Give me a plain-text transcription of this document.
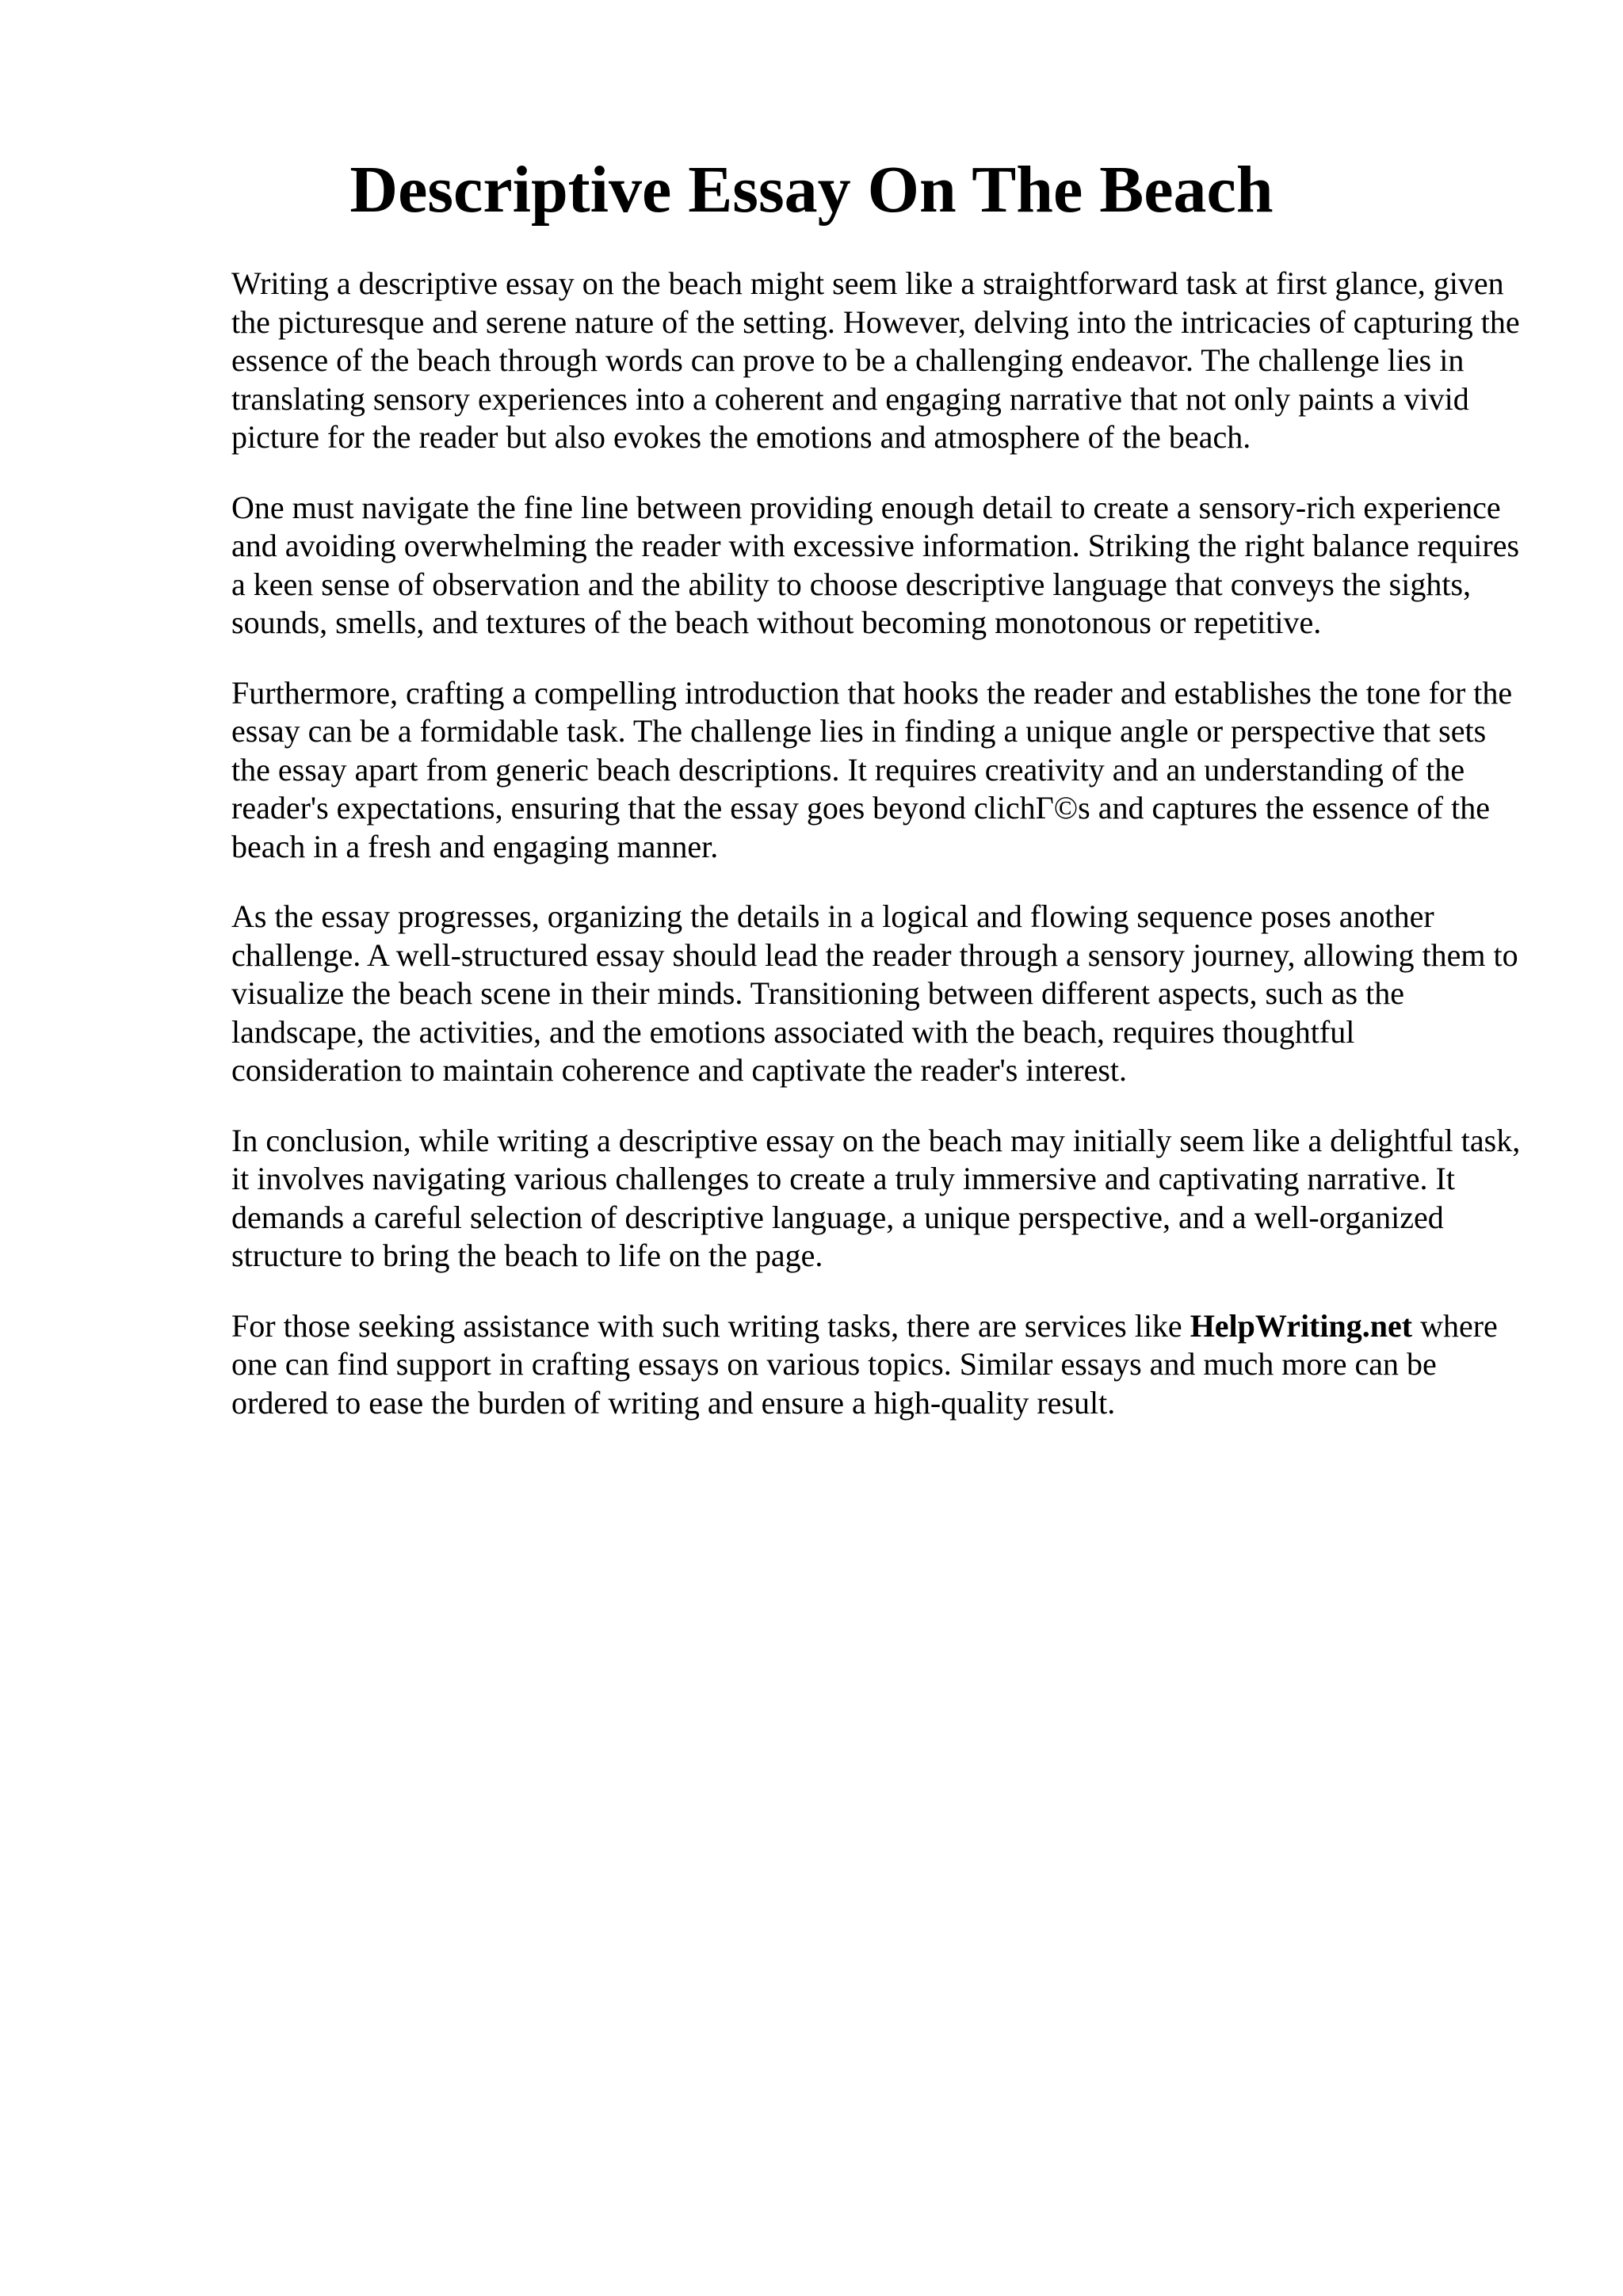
Descriptive Essay On The Beach

Writing a descriptive essay on the beach might seem like a straightforward task at first glance, given the picturesque and serene nature of the setting. However, delving into the intricacies of capturing the essence of the beach through words can prove to be a challenging endeavor. The challenge lies in translating sensory experiences into a coherent and engaging narrative that not only paints a vivid picture for the reader but also evokes the emotions and atmosphere of the beach.

One must navigate the fine line between providing enough detail to create a sensory-rich experience and avoiding overwhelming the reader with excessive information. Striking the right balance requires a keen sense of observation and the ability to choose descriptive language that conveys the sights, sounds, smells, and textures of the beach without becoming monotonous or repetitive.

Furthermore, crafting a compelling introduction that hooks the reader and establishes the tone for the essay can be a formidable task. The challenge lies in finding a unique angle or perspective that sets the essay apart from generic beach descriptions. It requires creativity and an understanding of the reader's expectations, ensuring that the essay goes beyond clichΓ©s and captures the essence of the beach in a fresh and engaging manner.

As the essay progresses, organizing the details in a logical and flowing sequence poses another challenge. A well-structured essay should lead the reader through a sensory journey, allowing them to visualize the beach scene in their minds. Transitioning between different aspects, such as the landscape, the activities, and the emotions associated with the beach, requires thoughtful consideration to maintain coherence and captivate the reader's interest.

In conclusion, while writing a descriptive essay on the beach may initially seem like a delightful task, it involves navigating various challenges to create a truly immersive and captivating narrative. It demands a careful selection of descriptive language, a unique perspective, and a well-organized structure to bring the beach to life on the page.

For those seeking assistance with such writing tasks, there are services like HelpWriting.net where one can find support in crafting essays on various topics. Similar essays and much more can be ordered to ease the burden of writing and ensure a high-quality result.
